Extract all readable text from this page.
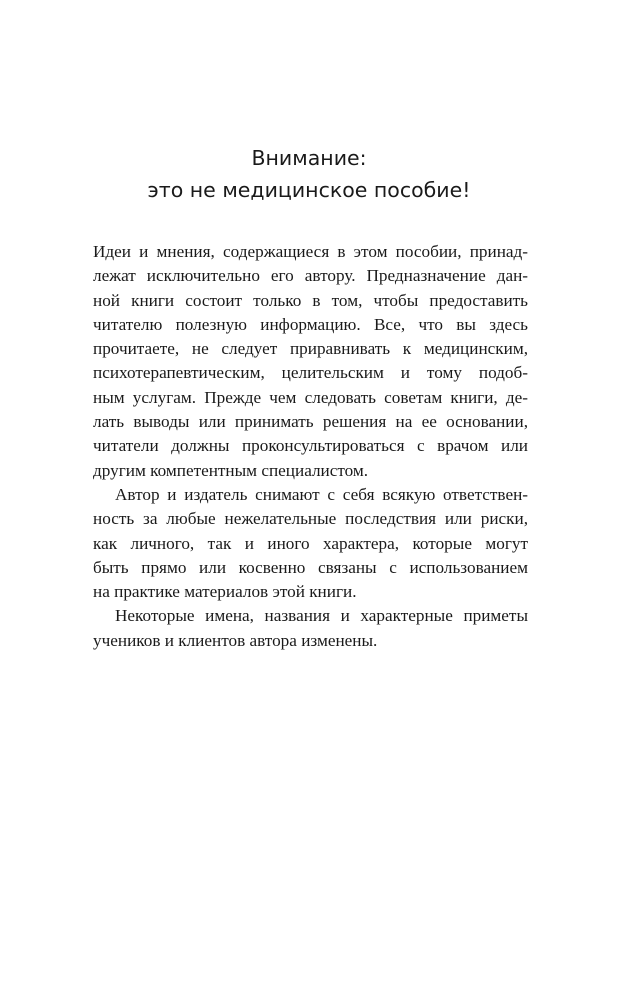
Внимание:
это не медицинское пособие!
Идеи и мнения, содержащиеся в этом пособии, принад-
лежат исключительно его автору. Предназначение дан-
ной книги состоит только в том, чтобы предоставить
читателю полезную информацию. Все, что вы здесь
прочитаете, не следует приравнивать к медицинским,
психотерапевтическим, целительским и тому подоб-
ным услугам. Прежде чем следовать советам книги, де-
лать выводы или принимать решения на ее основании,
читатели должны проконсультироваться с врачом или
другим компетентным специалистом.
Автор и издатель снимают с себя всякую ответствен-
ность за любые нежелательные последствия или риски,
как личного, так и иного характера, которые могут
быть прямо или косвенно связаны с использованием
на практике материалов этой книги.
Некоторые имена, названия и характерные приметы
учеников и клиентов автора изменены.
